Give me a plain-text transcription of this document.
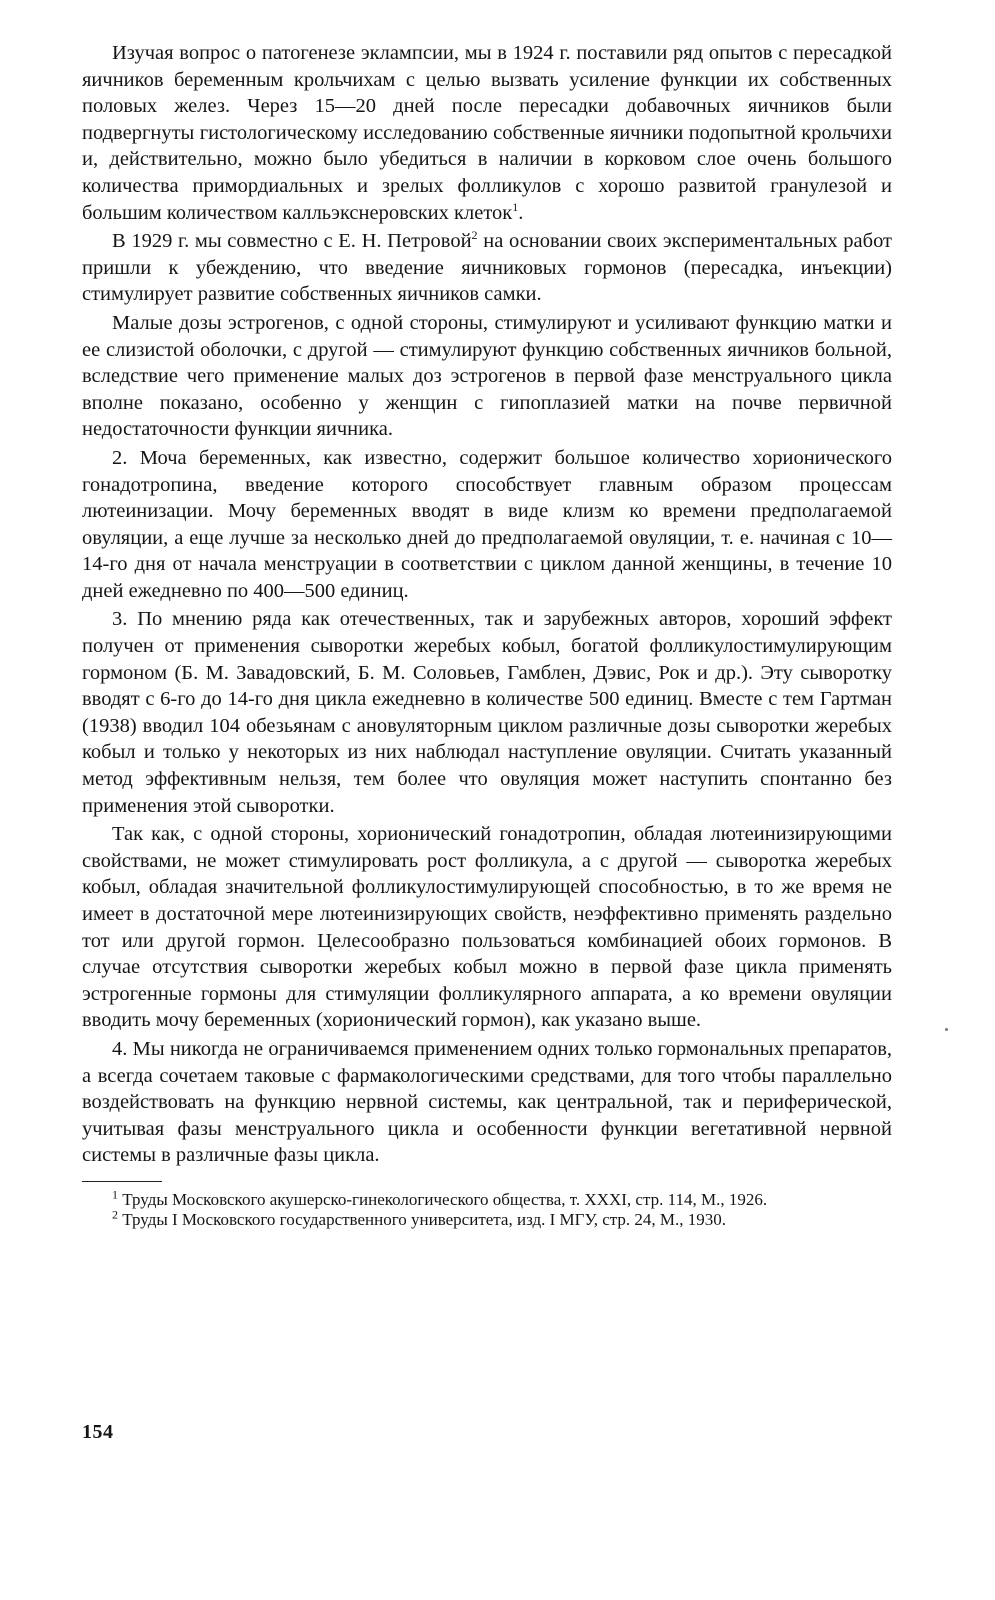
Изучая вопрос о патогенезе эклампсии, мы в 1924 г. поставили ряд опытов с пересадкой яичников беременным крольчихам с целью вызвать усиление функции их собственных половых желез. Через 15—20 дней после пересадки добавочных яичников были подвергнуты гистологическому исследованию собственные яичники подопытной крольчихи и, действительно, можно было убедиться в наличии в корковом слое очень большого количества примордиальных и зрелых фолликулов с хорошо развитой гранулезой и большим количеством калльэкснеровских клеток$^1$.

В 1929 г. мы совместно с Е. Н. Петровой$^2$ на основании своих экспериментальных работ пришли к убеждению, что введение яичниковых гормонов (пересадка, инъекции) стимулирует развитие собственных яичников самки.

Малые дозы эстрогенов, с одной стороны, стимулируют и усиливают функцию матки и ее слизистой оболочки, с другой — стимулируют функцию собственных яичников больной, вследствие чего применение малых доз эстрогенов в первой фазе менструального цикла вполне показано, особенно у женщин с гипоплазией матки на почве первичной недостаточности функции яичника.

2. Моча беременных, как известно, содержит большое количество хорионического гонадотропина, введение которого способствует главным образом процессам лютеинизации. Мочу беременных вводят в виде клизм ко времени предполагаемой овуляции, а еще лучше за несколько дней до предполагаемой овуляции, т. е. начиная с 10—14-го дня от начала менструации в соответствии с циклом данной женщины, в течение 10 дней ежедневно по 400—500 единиц.

3. По мнению ряда как отечественных, так и зарубежных авторов, хороший эффект получен от применения сыворотки жеребых кобыл, богатой фолликулостимулирующим гормоном (Б. М. Завадовский, Б. М. Соловьев, Гамблен, Дэвис, Рок и др.). Эту сыворотку вводят с 6-го до 14-го дня цикла ежедневно в количестве 500 единиц. Вместе с тем Гартман (1938) вводил 104 обезьянам с ановуляторным циклом различные дозы сыворотки жеребых кобыл и только у некоторых из них наблюдал наступление овуляции. Считать указанный метод эффективным нельзя, тем более что овуляция может наступить спонтанно без применения этой сыворотки.

Так как, с одной стороны, хорионический гонадотропин, обладая лютеинизирующими свойствами, не может стимулировать рост фолликула, а с другой — сыворотка жеребых кобыл, обладая значительной фолликулостимулирующей способностью, в то же время не имеет в достаточной мере лютеинизирующих свойств, неэффективно применять раздельно тот или другой гормон. Целесообразно пользоваться комбинацией обоих гормонов. В случае отсутствия сыворотки жеребых кобыл можно в первой фазе цикла применять эстрогенные гормоны для стимуляции фолликулярного аппарата, а ко времени овуляции вводить мочу беременных (хорионический гормон), как указано выше.

4. Мы никогда не ограничиваемся применением одних только гормональных препаратов, а всегда сочетаем таковые с фармакологическими средствами, для того чтобы параллельно воздействовать на функцию нервной системы, как центральной, так и периферической, учитывая фазы менструального цикла и особенности функции вегетативной нервной системы в различные фазы цикла.

$^1$ Труды Московского акушерско-гинекологического общества, т. XXXI, стр. 114, М., 1926.

$^2$ Труды I Московского государственного университета, изд. I МГУ, стр. 24, М., 1930.

154
